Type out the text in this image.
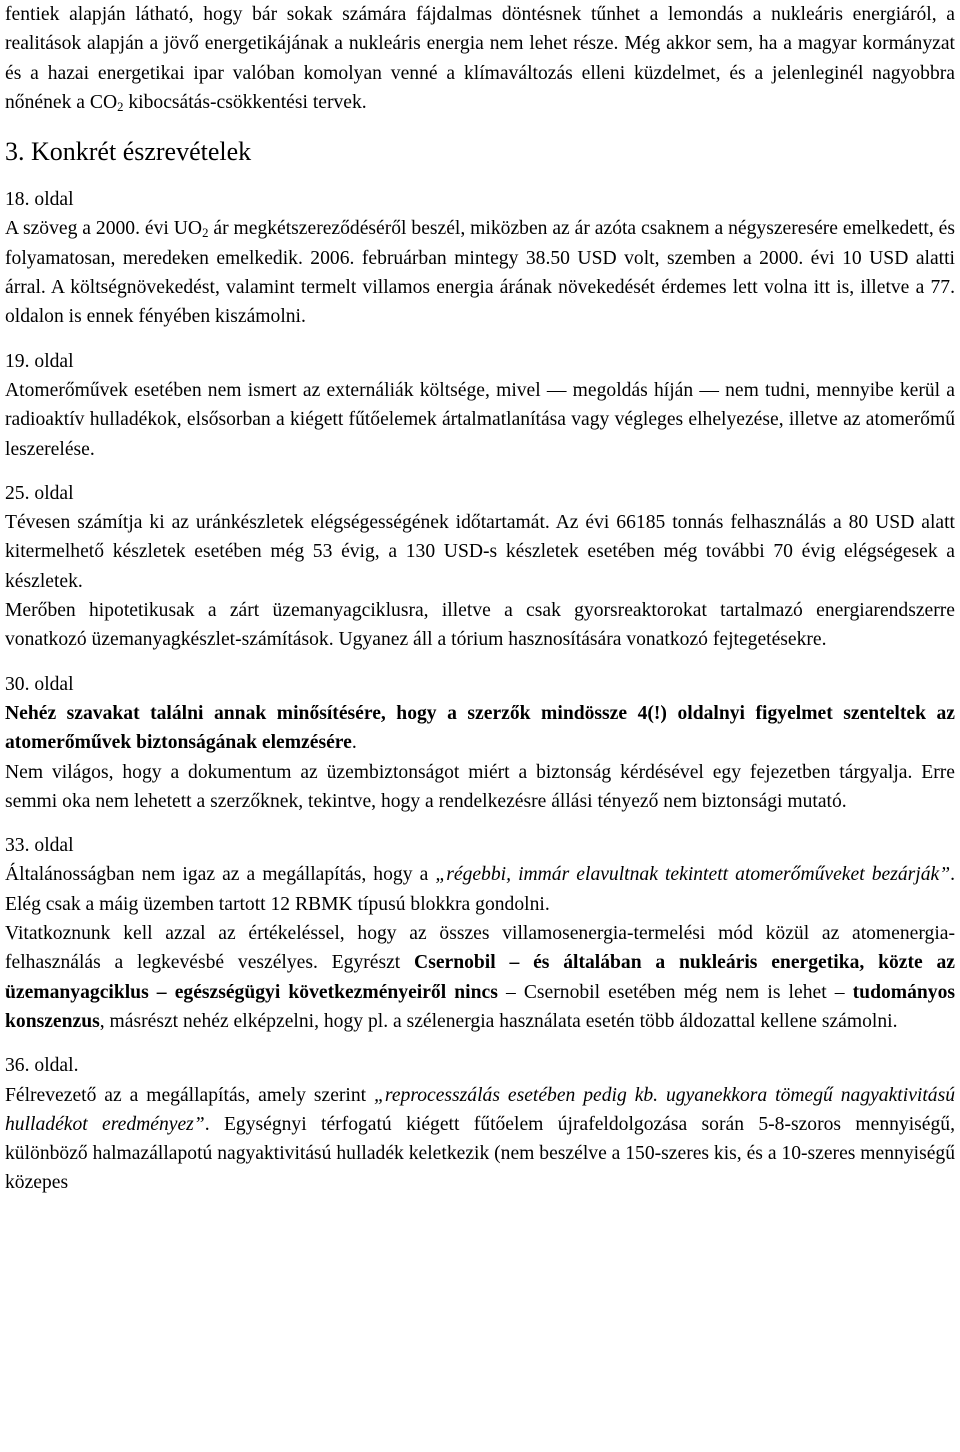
fentiek alapján látható, hogy bár sokak számára fájdalmas döntésnek tűnhet a lemondás a nukleáris energiáról, a realitások alapján a jövő energetikájának a nukleáris energia nem lehet része. Még akkor sem, ha a magyar kormányzat és a hazai energetikai ipar valóban komolyan venné a klímaváltozás elleni küzdelmet, és a jelenleginél nagyobbra nőnének a $CO_2$ kibocsátás-csökkentési tervek.

3. Konkrét észrevételek

18. oldal

A szöveg a 2000. évi $UO_2$ ár megkétszereződéséről beszél, miközben az ár azóta csaknem a négyszeresére emelkedett, és folyamatosan, meredeken emelkedik. 2006. februárban mintegy 38.50 USD volt, szemben a 2000. évi 10 USD alatti árral. A költségnövekedést, valamint termelt villamos energia árának növekedését érdemes lett volna itt is, illetve a 77. oldalon is ennek fényében kiszámolni.

19. oldal

Atomerőművek esetében nem ismert az externáliák költsége, mivel — megoldás híján — nem tudni, mennyibe kerül a radioaktív hulladékok, elsősorban a kiégett fűtőelemek ártalmatlanítása vagy végleges elhelyezése, illetve az atomerőmű leszerelése.

25. oldal

Tévesen számítja ki az uránkészletek elégségességének időtartamát. Az évi 66185 tonnás felhasználás a 80 USD alatt kitermelhető készletek esetében még 53 évig, a 130 USD-s készletek esetében még további 70 évig elégségesek a készletek.

Merőben hipotetikusak a zárt üzemanyagciklusra, illetve a csak gyorsreaktorokat tartalmazó energiarendszerre vonatkozó üzemanyagkészlet-számítások. Ugyanez áll a tórium hasznosítására vonatkozó fejtegetésekre.

30. oldal

Nehéz szavakat találni annak minősítésére, hogy a szerzők mindössze 4(!) oldalnyi figyelmet szenteltek az atomerőművek biztonságának elemzésére.

Nem világos, hogy a dokumentum az üzembiztonságot miért a biztonság kérdésével egy fejezetben tárgyalja. Erre semmi oka nem lehetett a szerzőknek, tekintve, hogy a rendelkezésre állási tényező nem biztonsági mutató.

33. oldal

Általánosságban nem igaz az a megállapítás, hogy a „régebbi, immár elavultnak tekintett atomerőműveket bezárják”. Elég csak a máig üzemben tartott 12 RBMK típusú blokkra gondolni.

Vitatkoznunk kell azzal az értékeléssel, hogy az összes villamosenergia-termelési mód közül az atomenergia-felhasználás a legkevésbé veszélyes. Egyrészt Csernobil – és általában a nukleáris energetika, közte az üzemanyagciklus – egészségügyi következményeiről nincs – Csernobil esetében még nem is lehet – tudományos konszenzus, másrészt nehéz elképzelni, hogy pl. a szélenergia használata esetén több áldozattal kellene számolni.

36. oldal.

Félrevezető az a megállapítás, amely szerint „reprocesszálás esetében pedig kb. ugyanekkora tömegű nagyaktivitású hulladékot eredményez”. Egységnyi térfogatú kiégett fűtőelem újrafeldolgozása során 5-8-szoros mennyiségű, különböző halmazállapotú nagyaktivitású hulladék keletkezik (nem beszélve a 150-szeres kis, és a 10-szeres mennyiségű közepes
